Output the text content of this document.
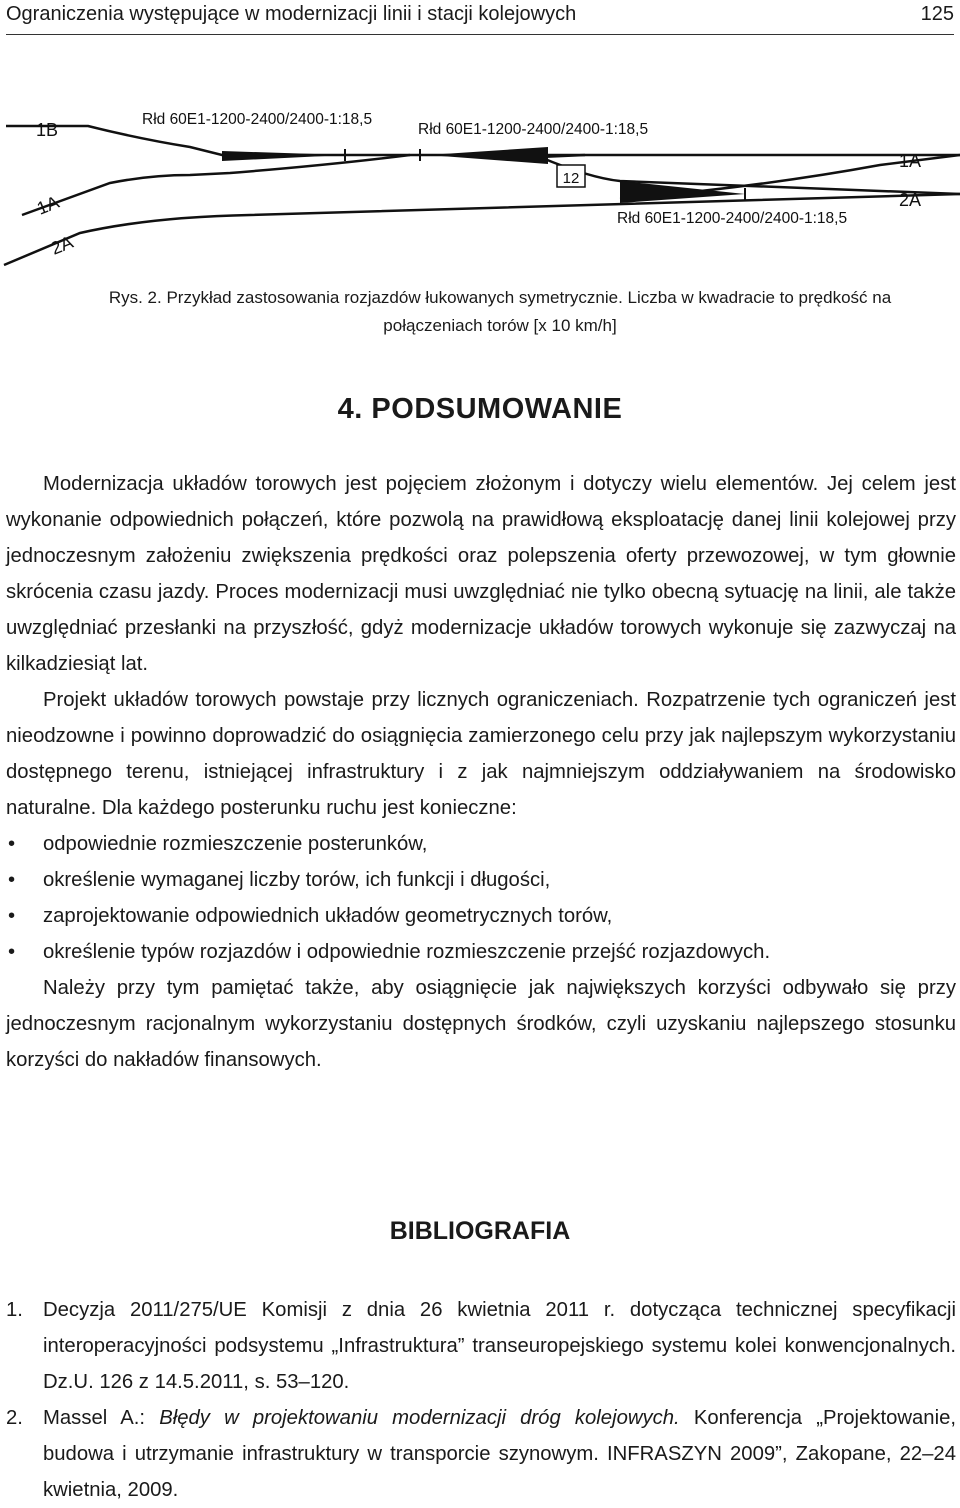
Ograniczenia występujące w modernizacji linii i stacji kolejowych	125
12
1B
1A
2A
1A
2A
Rłd 60E1-1200-2400/2400-1:18,5
Rłd 60E1-1200-2400/2400-1:18,5
Rłd 60E1-1200-2400/2400-1:18,5
Rys. 2. Przykład zastosowania rozjazdów łukowanych symetrycznie. Liczba w kwadracie to prędkość na
połączeniach torów [x 10 km/h]
4. PODSUMOWANIE

Modernizacja układów torowych jest pojęciem złożonym i dotyczy wielu elementów. Jej celem jest wykonanie odpowiednich połączeń, które pozwolą na prawidłową eksploatację danej linii kolejowej przy jednoczesnym założeniu zwiększenia prędkości oraz polepszenia oferty przewozowej, w tym głownie skrócenia czasu jazdy. Proces modernizacji musi uwzględniać nie tylko obecną sytuację na linii, ale także uwzględniać przesłanki na przyszłość, gdyż modernizacje układów torowych wykonuje się zazwyczaj na kilkadziesiąt lat.

Projekt układów torowych powstaje przy licznych ograniczeniach. Rozpatrzenie tych ograniczeń jest nieodzowne i powinno doprowadzić do osiągnięcia zamierzonego celu przy jak najlepszym wykorzystaniu dostępnego terenu, istniejącej infrastruktury i z jak najmniejszym oddziaływaniem na środowisko naturalne. Dla każdego posterunku ruchu jest konieczne:

• odpowiednie rozmieszczenie posterunków,
• określenie wymaganej liczby torów, ich funkcji i długości,
• zaprojektowanie odpowiednich układów geometrycznych torów,
• określenie typów rozjazdów i odpowiednie rozmieszczenie przejść rozjazdowych.

Należy przy tym pamiętać także, aby osiągnięcie jak największych korzyści odbywało się przy jednoczesnym racjonalnym wykorzystaniu dostępnych środków, czyli uzyskaniu najlepszego stosunku korzyści do nakładów finansowych.

BIBLIOGRAFIA
1. Decyzja 2011/275/UE Komisji z dnia 26 kwietnia 2011 r. dotycząca technicznej specyfikacji interoperacyjności podsystemu „Infrastruktura” transeuropejskiego systemu kolei konwencjonalnych. Dz.U. 126 z 14.5.2011, s. 53–120.
2. Massel A.: Błędy w projektowaniu modernizacji dróg kolejowych. Konferencja „Projektowanie, budowa i utrzymanie infrastruktury w transporcie szynowym. INFRASZYN 2009”, Zakopane, 22–24 kwietnia, 2009.
